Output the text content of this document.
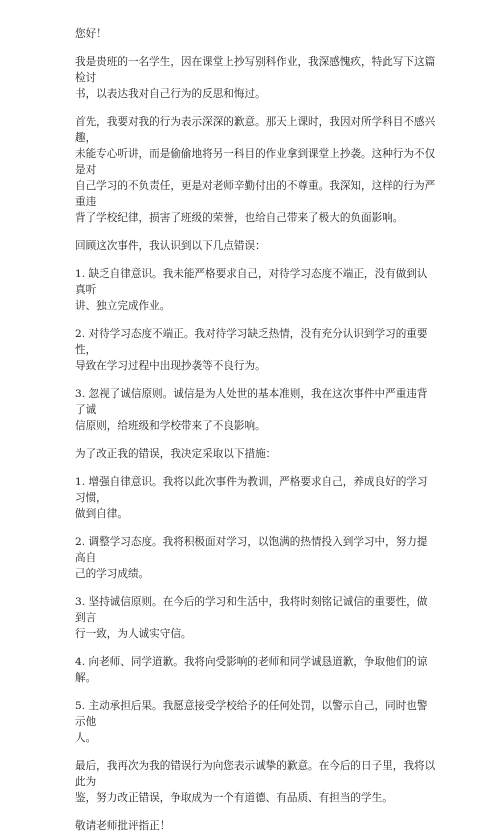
您好！

我是贵班的一名学生，因在课堂上抄写别科作业，我深感愧疚，特此写下这篇检讨
书，以表达我对自己行为的反思和悔过。

首先，我要对我的行为表示深深的歉意。那天上课时，我因对所学科目不感兴趣，
未能专心听讲，而是偷偷地将另一科目的作业拿到课堂上抄袭。这种行为不仅是对
自己学习的不负责任，更是对老师辛勤付出的不尊重。我深知，这样的行为严重违
背了学校纪律，损害了班级的荣誉，也给自己带来了极大的负面影响。

回顾这次事件，我认识到以下几点错误：

1. 缺乏自律意识。我未能严格要求自己，对待学习态度不端正，没有做到认真听
讲、独立完成作业。

2. 对待学习态度不端正。我对待学习缺乏热情，没有充分认识到学习的重要性，
导致在学习过程中出现抄袭等不良行为。

3. 忽视了诚信原则。诚信是为人处世的基本准则，我在这次事件中严重违背了诚
信原则，给班级和学校带来了不良影响。

为了改正我的错误，我决定采取以下措施：

1. 增强自律意识。我将以此次事件为教训，严格要求自己，养成良好的学习习惯，
做到自律。

2. 调整学习态度。我将积极面对学习，以饱满的热情投入到学习中，努力提高自
己的学习成绩。

3. 坚持诚信原则。在今后的学习和生活中，我将时刻铭记诚信的重要性，做到言
行一致，为人诚实守信。

4. 向老师、同学道歉。我将向受影响的老师和同学诚恳道歉，争取他们的谅解。

5. 主动承担后果。我愿意接受学校给予的任何处罚，以警示自己，同时也警示他
人。

最后，我再次为我的错误行为向您表示诚挚的歉意。在今后的日子里，我将以此为
鉴，努力改正错误，争取成为一个有道德、有品质、有担当的学生。

敬请老师批评指正！
